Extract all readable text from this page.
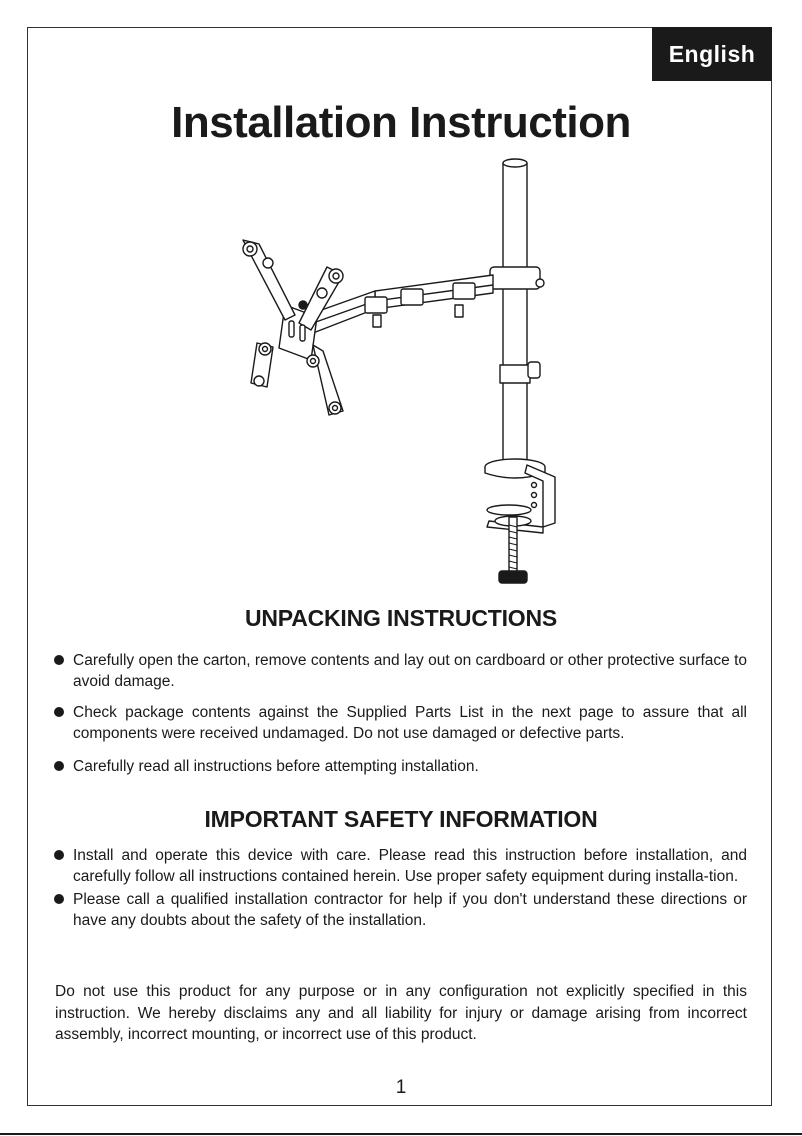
English
Installation Instruction
UNPACKING INSTRUCTIONS
Carefully open the carton, remove contents and lay out on cardboard or other protective surface to avoid damage.
Check package contents against the Supplied Parts List in the next page to assure that all components were received undamaged. Do not use damaged or defective parts.
Carefully read all instructions before attempting installation.
IMPORTANT SAFETY INFORMATION
Install and operate this device with care. Please read this instruction before installation, and carefully follow all instructions contained herein. Use proper safety equipment during installa-tion.
Please call a qualified installation contractor for help if you don't understand these directions or have any doubts about the safety of the installation.
Do not use this product for any purpose or in any configuration not explicitly specified in this instruction. We hereby disclaims any and all liability for injury or damage arising from incorrect assembly, incorrect mounting, or incorrect use of this product.
1
